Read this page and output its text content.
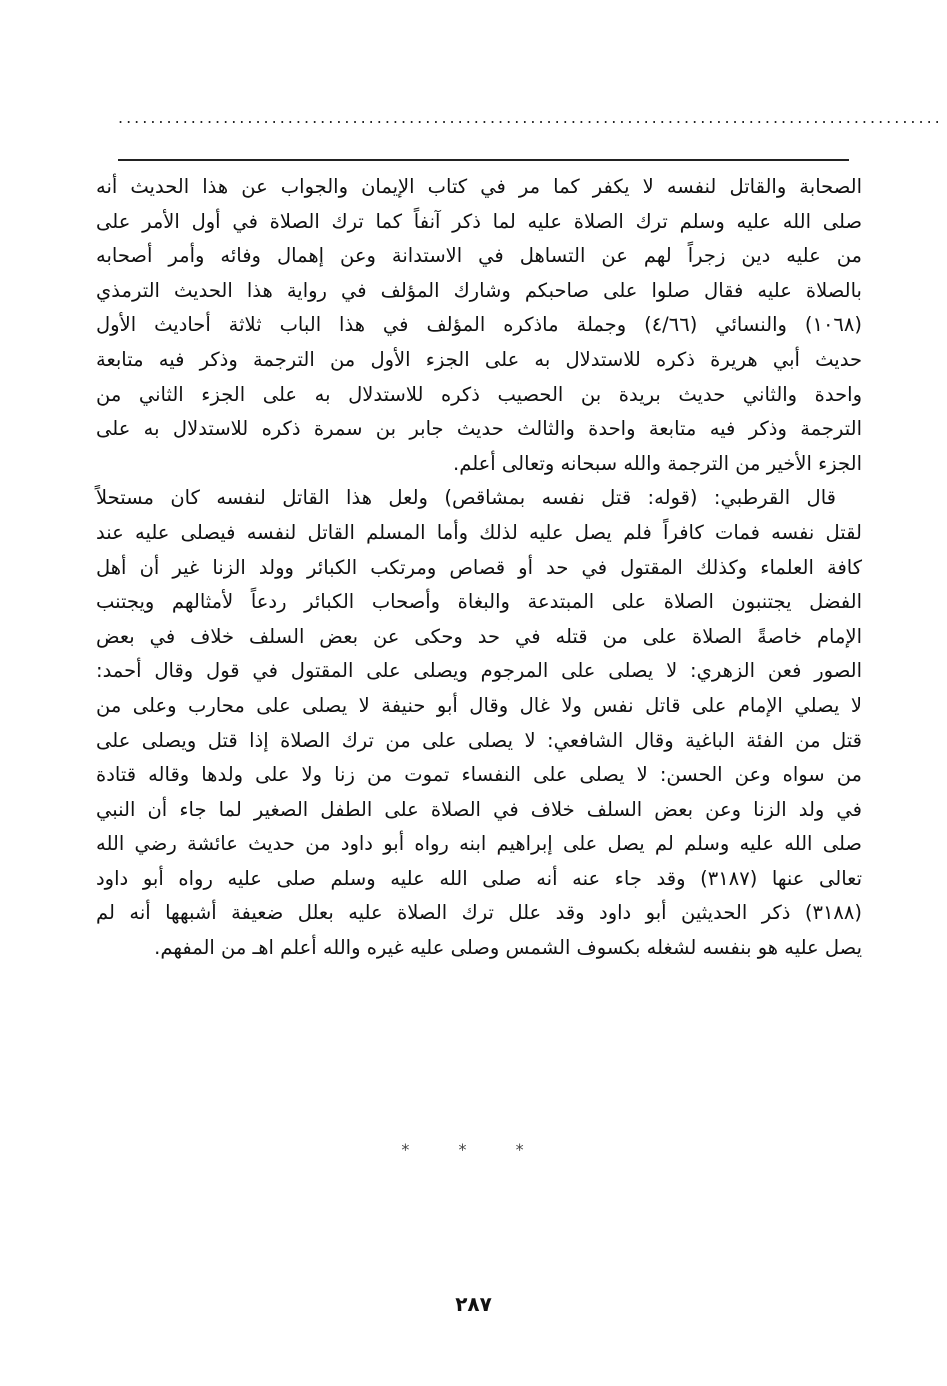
......................................................................................................
الصحابة والقاتل لنفسه لا يكفر كما مر في كتاب الإيمان والجواب عن هذا الحديث أنه
صلى الله عليه وسلم ترك الصلاة عليه لما ذكر آنفاً كما ترك الصلاة في أول الأمر على
من عليه دين زجراً لهم عن التساهل في الاستدانة وعن إهمال وفائه وأمر أصحابه
بالصلاة عليه فقال صلوا على صاحبكم وشارك المؤلف في رواية هذا الحديث الترمذي
(١٠٦٨) والنسائي (٤/٦٦) وجملة ماذكره المؤلف في هذا الباب ثلاثة أحاديث الأول
حديث أبي هريرة ذكره للاستدلال به على الجزء الأول من الترجمة وذكر فيه متابعة
واحدة والثاني حديث بريدة بن الحصيب ذكره للاستدلال به على الجزء الثاني من
الترجمة وذكر فيه متابعة واحدة والثالث حديث جابر بن سمرة ذكره للاستدلال به على
الجزء الأخير من الترجمة والله سبحانه وتعالى أعلم.
قال القرطبي: (قوله: قتل نفسه بمشاقص) ولعل هذا القاتل لنفسه كان مستحلاً
لقتل نفسه فمات كافراً فلم يصل عليه لذلك وأما المسلم القاتل لنفسه فيصلى عليه عند
كافة العلماء وكذلك المقتول في حد أو قصاص ومرتكب الكبائر وولد الزنا غير أن أهل
الفضل يجتنبون الصلاة على المبتدعة والبغاة وأصحاب الكبائر ردعاً لأمثالهم ويجتنب
الإمام خاصةً الصلاة على من قتله في حد وحكى عن بعض السلف خلاف في بعض
الصور فعن الزهري: لا يصلى على المرجوم ويصلى على المقتول في قول وقال أحمد:
لا يصلي الإمام على قاتل نفس ولا غال وقال أبو حنيفة لا يصلى على محارب وعلى من
قتل من الفئة الباغية وقال الشافعي: لا يصلى على من ترك الصلاة إذا قتل ويصلى على
من سواه وعن الحسن: لا يصلى على النفساء تموت من زنا ولا على ولدها وقاله قتادة
في ولد الزنا وعن بعض السلف خلاف في الصلاة على الطفل الصغير لما جاء أن النبي
صلى الله عليه وسلم لم يصل على إبراهيم ابنه رواه أبو داود من حديث عائشة رضي الله
تعالى عنها (٣١٨٧) وقد جاء عنه أنه صلى الله عليه وسلم صلى عليه رواه أبو داود
(٣١٨٨) ذكر الحديثين أبو داود وقد علل ترك الصلاة عليه بعلل ضعيفة أشبهها أنه لم
يصل عليه هو بنفسه لشغله بكسوف الشمس وصلى عليه غيره والله أعلم اهـ من المفهم.
* * *
٢٨٧
